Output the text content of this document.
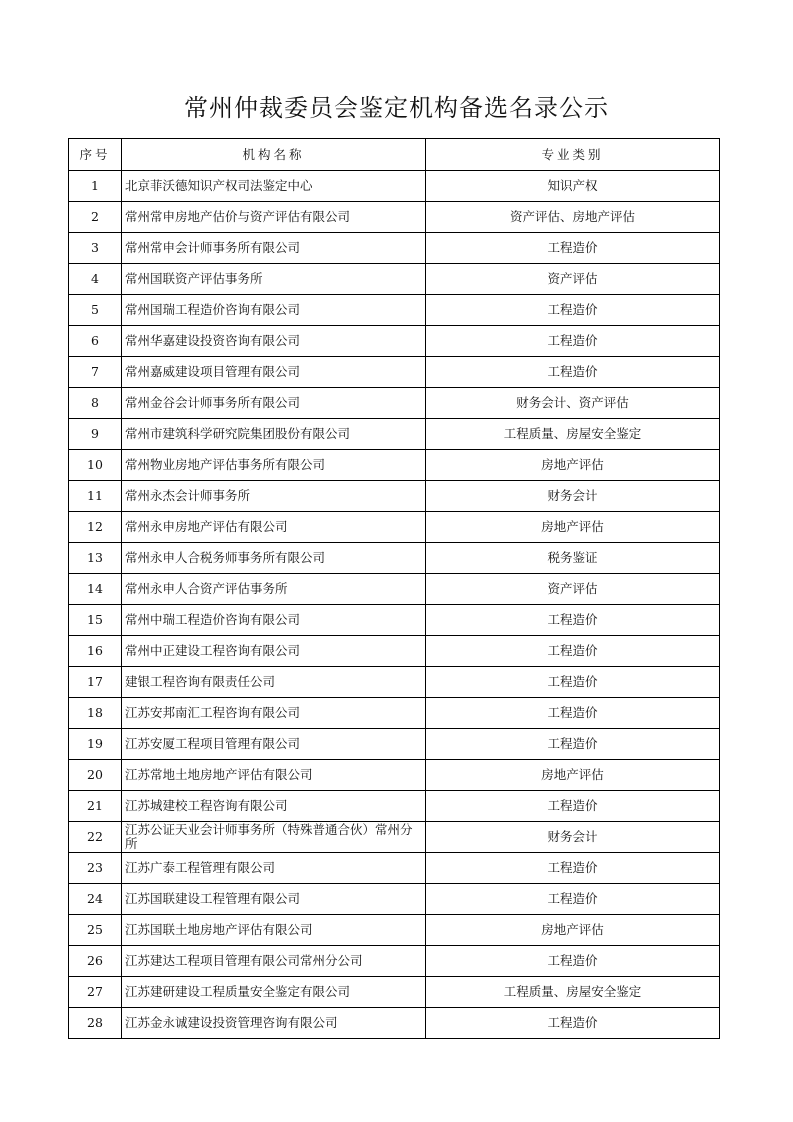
常州仲裁委员会鉴定机构备选名录公示
序号	机构名称	专业类别
1	北京菲沃德知识产权司法鉴定中心	知识产权
2	常州常申房地产估价与资产评估有限公司	资产评估、房地产评估
3	常州常申会计师事务所有限公司	工程造价
4	常州国联资产评估事务所	资产评估
5	常州国瑞工程造价咨询有限公司	工程造价
6	常州华嘉建设投资咨询有限公司	工程造价
7	常州嘉威建设项目管理有限公司	工程造价
8	常州金谷会计师事务所有限公司	财务会计、资产评估
9	常州市建筑科学研究院集团股份有限公司	工程质量、房屋安全鉴定
10	常州物业房地产评估事务所有限公司	房地产评估
11	常州永杰会计师事务所	财务会计
12	常州永申房地产评估有限公司	房地产评估
13	常州永申人合税务师事务所有限公司	税务鉴证
14	常州永申人合资产评估事务所	资产评估
15	常州中瑞工程造价咨询有限公司	工程造价
16	常州中正建设工程咨询有限公司	工程造价
17	建银工程咨询有限责任公司	工程造价
18	江苏安邦南汇工程咨询有限公司	工程造价
19	江苏安厦工程项目管理有限公司	工程造价
20	江苏常地土地房地产评估有限公司	房地产评估
21	江苏城建校工程咨询有限公司	工程造价
22	江苏公证天业会计师事务所（特殊普通合伙）常州分所	财务会计
23	江苏广泰工程管理有限公司	工程造价
24	江苏国联建设工程管理有限公司	工程造价
25	江苏国联土地房地产评估有限公司	房地产评估
26	江苏建达工程项目管理有限公司常州分公司	工程造价
27	江苏建研建设工程质量安全鉴定有限公司	工程质量、房屋安全鉴定
28	江苏金永诚建设投资管理咨询有限公司	工程造价
